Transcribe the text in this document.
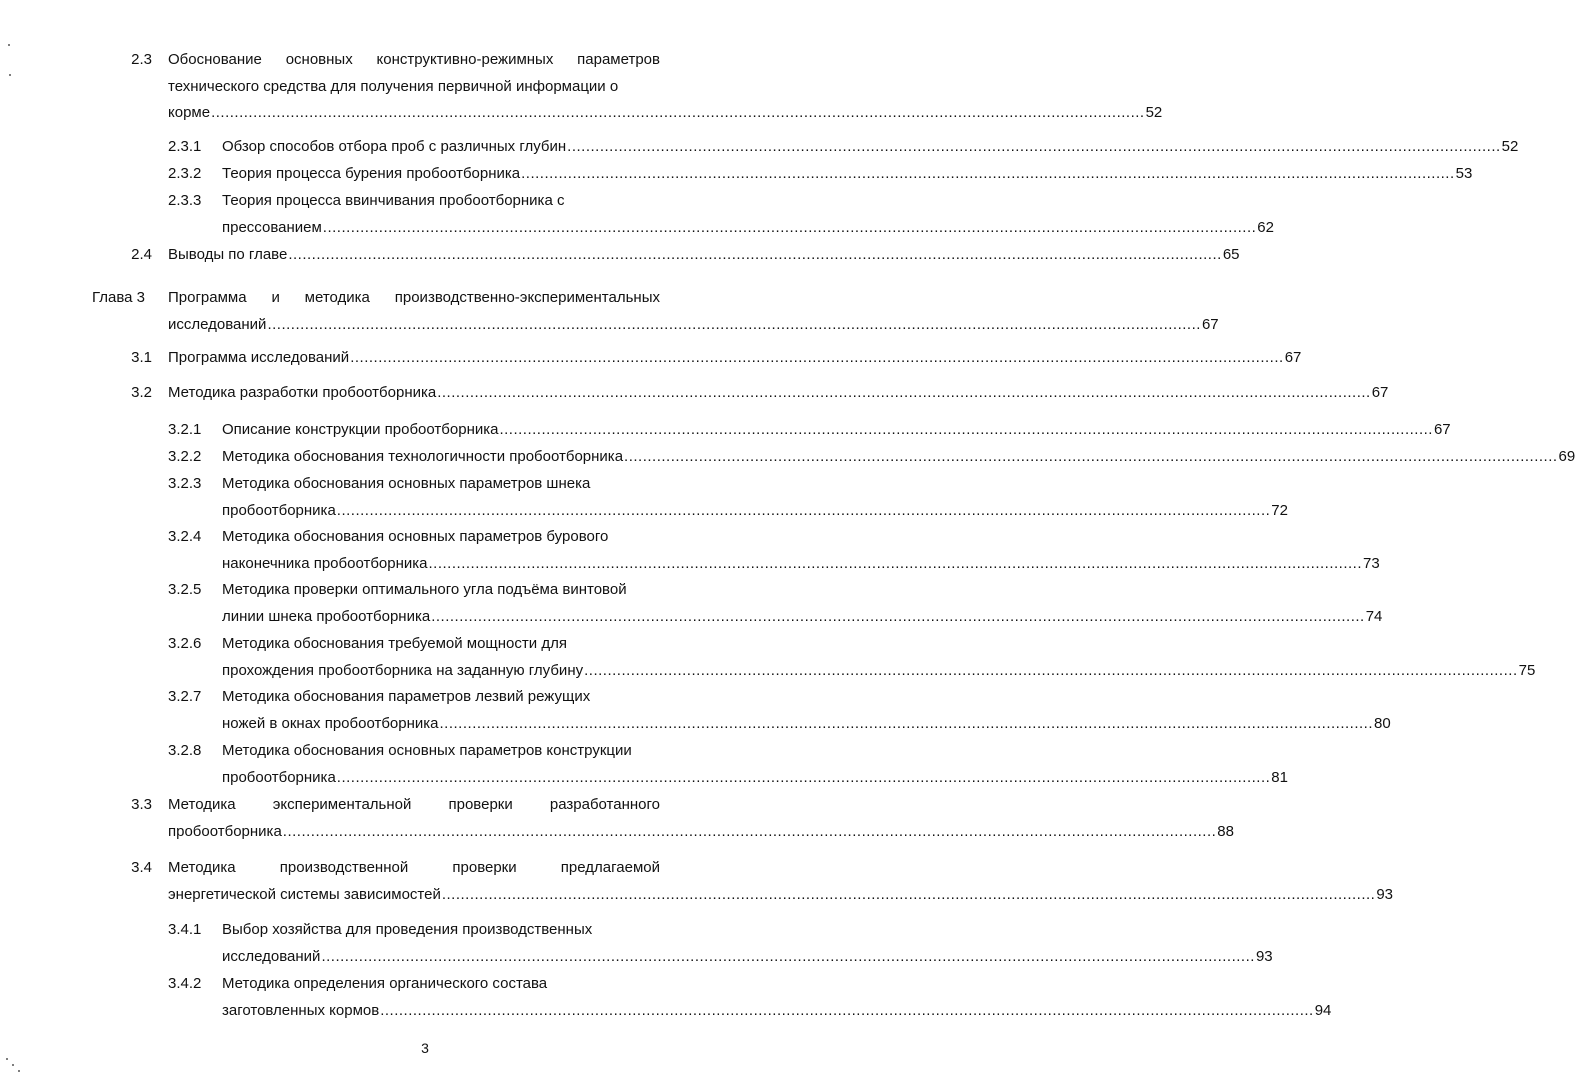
2.3 Обоснование основных конструктивно-режимных параметров
технического средства для получения первичной информации о
корме ........................................................................................................................................................................................................ 52
2.3.1 Обзор способов отбора проб с различных глубин ........................................................................................................................................................................................................ 52
2.3.2 Теория процесса бурения пробоотборника ........................................................................................................................................................................................................ 53
2.3.3 Теория процесса ввинчивания пробоотборника с
прессованием ........................................................................................................................................................................................................ 62
2.4 Выводы по главе ........................................................................................................................................................................................................ 65
Глава 3 Программа и методика производственно-экспериментальных
исследований ........................................................................................................................................................................................................ 67
3.1 Программа исследований ........................................................................................................................................................................................................ 67
3.2 Методика разработки пробоотборника ........................................................................................................................................................................................................ 67
3.2.1 Описание конструкции пробоотборника ........................................................................................................................................................................................................ 67
3.2.2 Методика обоснования технологичности пробоотборника ........................................................................................................................................................................................................ 69
3.2.3 Методика обоснования основных параметров шнека
пробоотборника ........................................................................................................................................................................................................ 72
3.2.4 Методика обоснования основных параметров бурового
наконечника пробоотборника ........................................................................................................................................................................................................ 73
3.2.5 Методика проверки оптимального угла подъёма винтовой
линии шнека пробоотборника ........................................................................................................................................................................................................ 74
3.2.6 Методика обоснования требуемой мощности для
прохождения пробоотборника на заданную глубину ........................................................................................................................................................................................................ 75
3.2.7 Методика обоснования параметров лезвий режущих
ножей в окнах пробоотборника ........................................................................................................................................................................................................ 80
3.2.8 Методика обоснования основных параметров конструкции
пробоотборника ........................................................................................................................................................................................................ 81
3.3 Методика экспериментальной проверки разработанного
пробоотборника ........................................................................................................................................................................................................ 88
3.4 Методика производственной проверки предлагаемой
энергетической системы зависимостей ........................................................................................................................................................................................................ 93
3.4.1 Выбор хозяйства для проведения производственных
исследований ........................................................................................................................................................................................................ 93
3.4.2 Методика определения органического состава
заготовленных кормов ........................................................................................................................................................................................................ 94
3
